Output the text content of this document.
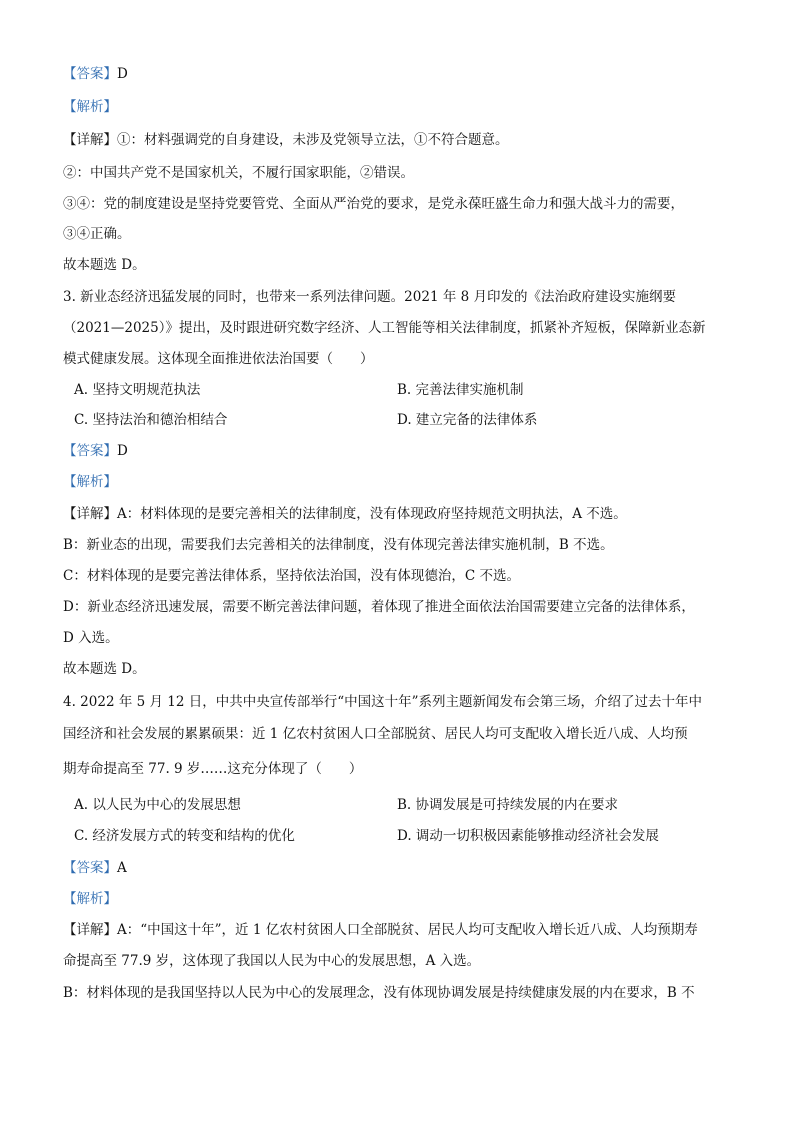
【答案】D
【解析】
【详解】①：材料强调党的自身建设，未涉及党领导立法，①不符合题意。
②：中国共产党不是国家机关，不履行国家职能，②错误。
③④：党的制度建设是坚持党要管党、全面从严治党的要求，是党永葆旺盛生命力和强大战斗力的需要，
③④正确。
故本题选 D。
3. 新业态经济迅猛发展的同时，也带来一系列法律问题。2021 年 8 月印发的《法治政府建设实施纲要
（2021—2025）》提出，及时跟进研究数字经济、人工智能等相关法律制度，抓紧补齐短板，保障新业态新
模式健康发展。这体现全面推进依法治国要（　　）
A. 坚持文明规范执法	B. 完善法律实施机制
C. 坚持法治和德治相结合	D. 建立完备的法律体系
【答案】D
【解析】
【详解】A：材料体现的是要完善相关的法律制度，没有体现政府坚持规范文明执法，A 不选。
B：新业态的出现，需要我们去完善相关的法律制度，没有体现完善法律实施机制，B 不选。
C：材料体现的是要完善法律体系，坚持依法治国，没有体现德治，C 不选。
D：新业态经济迅速发展，需要不断完善法律问题，着体现了推进全面依法治国需要建立完备的法律体系，
D 入选。
故本题选 D。
4. 2022 年 5 月 12 日，中共中央宣传部举行“中国这十年”系列主题新闻发布会第三场，介绍了过去十年中
国经济和社会发展的累累硕果：近 1 亿农村贫困人口全部脱贫、居民人均可支配收入增长近八成、人均预
期寿命提高至 77. 9 岁……这充分体现了（　　）
A. 以人民为中心的发展思想	B. 协调发展是可持续发展的内在要求
C. 经济发展方式的转变和结构的优化	D. 调动一切积极因素能够推动经济社会发展
【答案】A
【解析】
【详解】A：“中国这十年”，近 1 亿农村贫困人口全部脱贫、居民人均可支配收入增长近八成、人均预期寿
命提高至 77.9 岁，这体现了我国以人民为中心的发展思想，A 入选。
B：材料体现的是我国坚持以人民为中心的发展理念，没有体现协调发展是持续健康发展的内在要求，B 不
